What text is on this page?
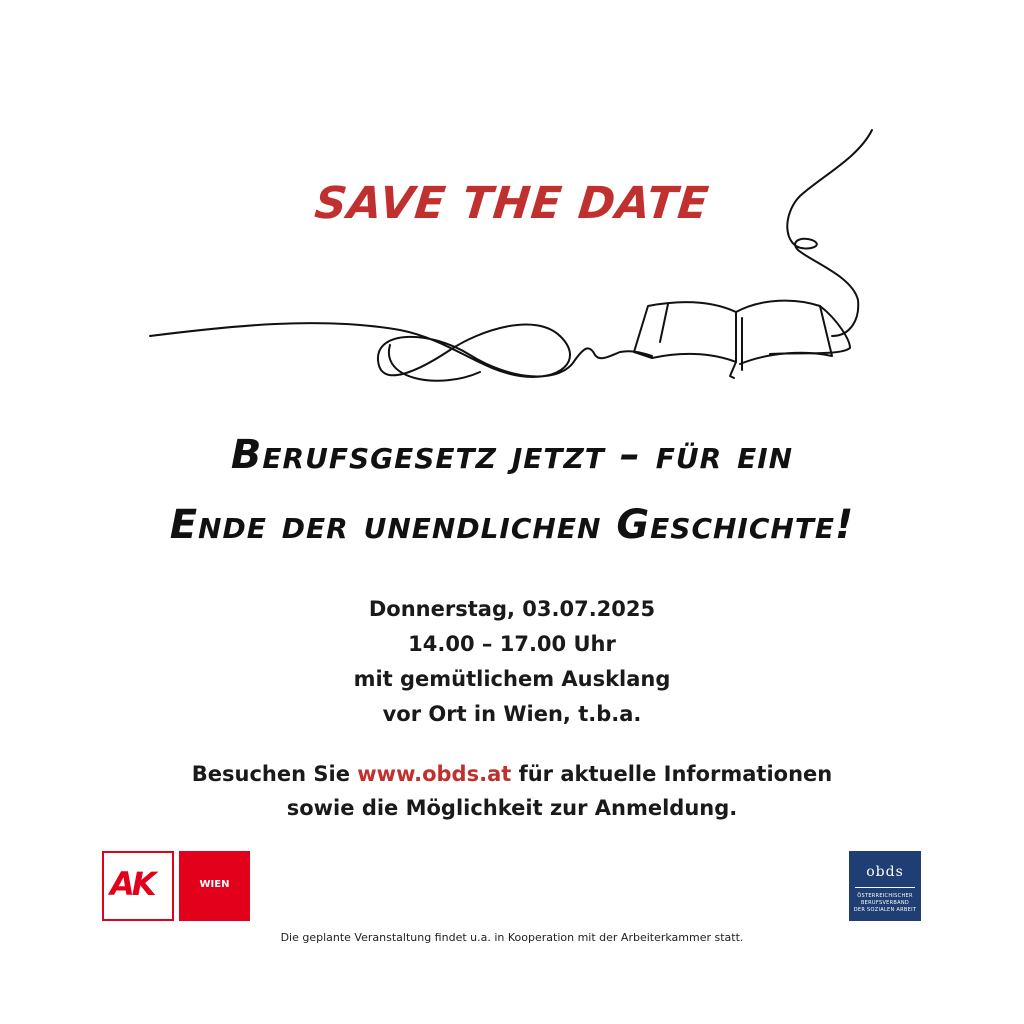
SAVE THE DATE
Berufsgesetz jetzt – für ein
Ende der unendlichen Geschichte!
Donnerstag, 03.07.2025
14.00 – 17.00 Uhr
mit gemütlichem Ausklang
vor Ort in Wien, t.b.a.
Besuchen Sie www.obds.at für aktuelle Informationen
sowie die Möglichkeit zur Anmeldung.
AK	WIEN
obds
ÖSTERREICHISCHER
BERUFSVERBAND
DER SOZIALEN ARBEIT
Die geplante Veranstaltung findet u.a. in Kooperation mit der Arbeiterkammer statt.
